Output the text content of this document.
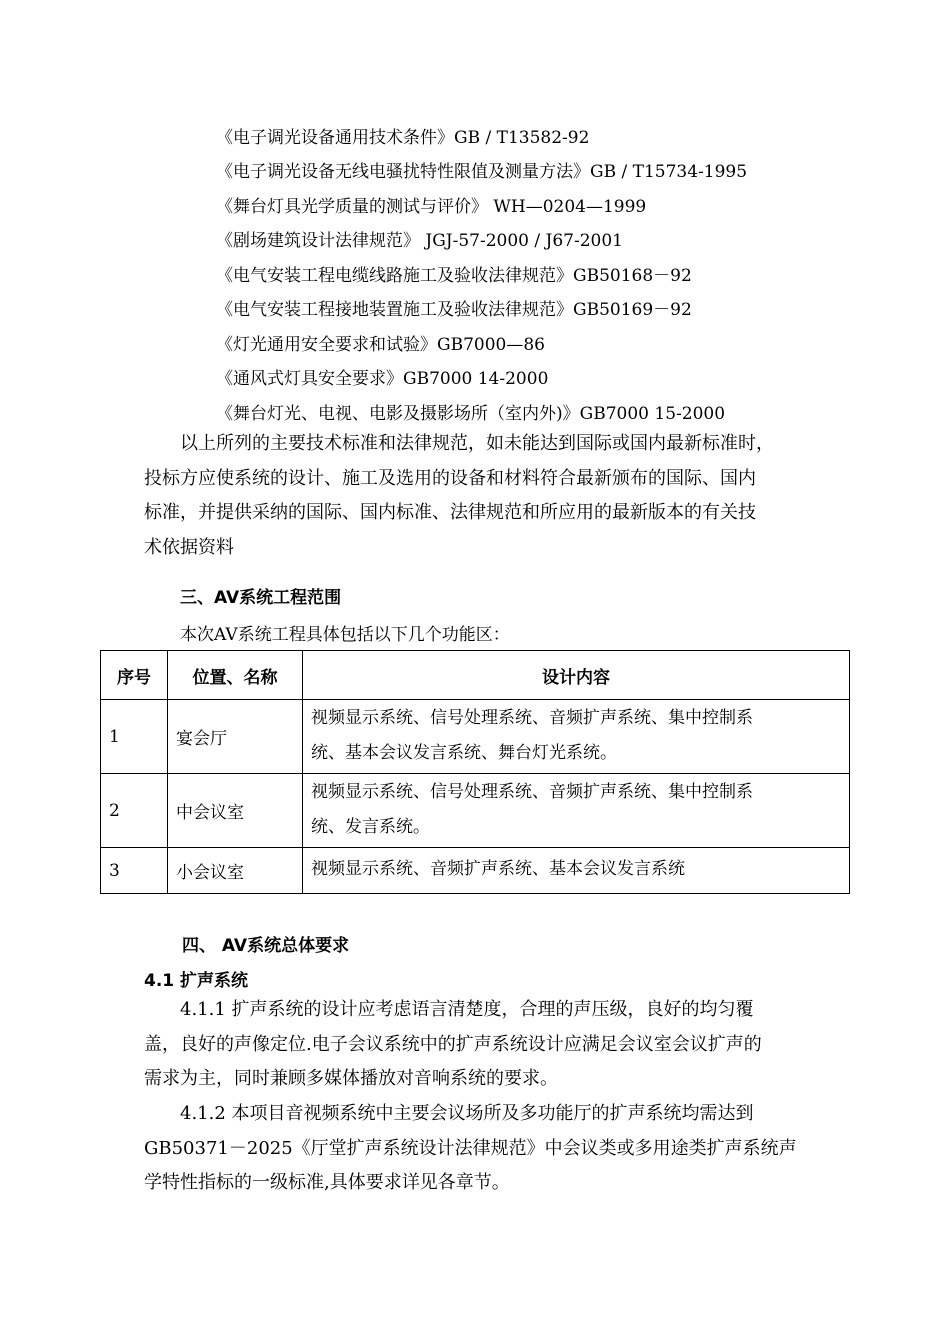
《电子调光设备通用技术条件》GB / T13582-92
《电子调光设备无线电骚扰特性限值及测量方法》GB / T15734-1995
《舞台灯具光学质量的测试与评价》 WH—0204—1999
《剧场建筑设计法律规范》 JGJ-57-2000 / J67-2001
《电气安装工程电缆线路施工及验收法律规范》GB50168－92
《电气安装工程接地装置施工及验收法律规范》GB50169－92
《灯光通用安全要求和试验》GB7000—86
《通风式灯具安全要求》GB7000 14-2000
《舞台灯光、电视、电影及摄影场所（室内外)》GB7000 15-2000
　　以上所列的主要技术标准和法律规范，如未能达到国际或国内最新标准时，
投标方应使系统的设计、施工及选用的设备和材料符合最新颁布的国际、国内
标准，并提供采纳的国际、国内标准、法律规范和所应用的最新版本的有关技
术依据资料
三、AV系统工程范围
本次AV系统工程具体包括以下几个功能区：
序号	位置、名称	设计内容
1	宴会厅	视频显示系统、信号处理系统、音频扩声系统、集中控制系
统、基本会议发言系统、舞台灯光系统。

2	中会议室	视频显示系统、信号处理系统、音频扩声系统、集中控制系
统、发言系统。

3	小会议室	视频显示系统、音频扩声系统、基本会议发言系统
四、 AV系统总体要求
4.1 扩声系统
　　4.1.1 扩声系统的设计应考虑语言清楚度，合理的声压级，良好的均匀覆
盖，良好的声像定位.电子会议系统中的扩声系统设计应满足会议室会议扩声的
需求为主，同时兼顾多媒体播放对音响系统的要求。
　　4.1.2 本项目音视频系统中主要会议场所及多功能厅的扩声系统均需达到
GB50371－2025《厅堂扩声系统设计法律规范》中会议类或多用途类扩声系统声
学特性指标的一级标准,具体要求详见各章节。
